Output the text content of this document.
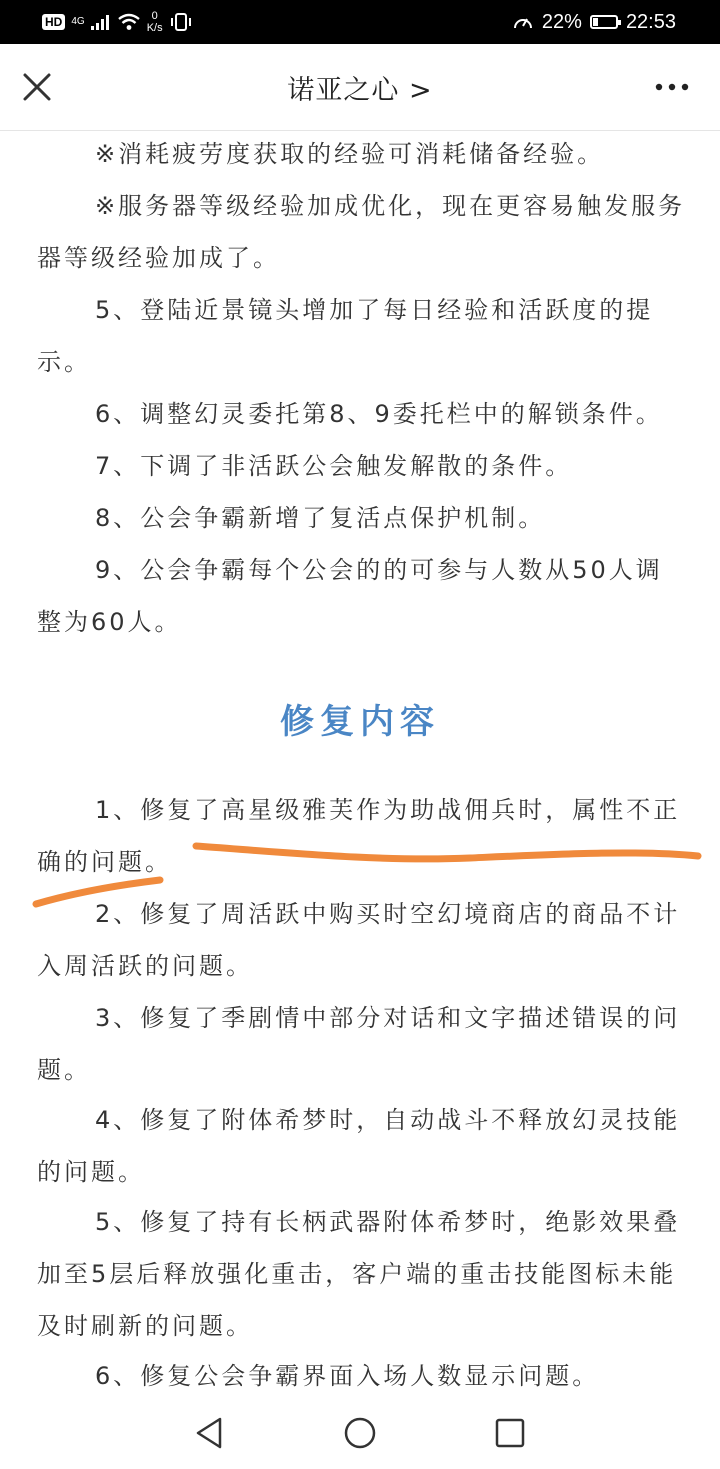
HD 4G	0
K/s	22% 22:53
诺亚之心 >

※消耗疲劳度获取的经验可消耗储备经验。

※服务器等级经验加成优化，现在更容易触发服务器等级经验加成了。

5、登陆近景镜头增加了每日经验和活跃度的提示。

6、调整幻灵委托第8、9委托栏中的解锁条件。

7、下调了非活跃公会触发解散的条件。

8、公会争霸新增了复活点保护机制。

9、公会争霸每个公会的的可参与人数从50人调整为60人。

修复内容

1、修复了高星级雅芙作为助战佣兵时，属性不正确的问题。

2、修复了周活跃中购买时空幻境商店的商品不计入周活跃的问题。

3、修复了季剧情中部分对话和文字描述错误的问题。

4、修复了附体希梦时，自动战斗不释放幻灵技能的问题。

5、修复了持有长柄武器附体希梦时，绝影效果叠加至5层后释放强化重击，客户端的重击技能图标未能及时刷新的问题。

6、修复公会争霸界面入场人数显示问题。
